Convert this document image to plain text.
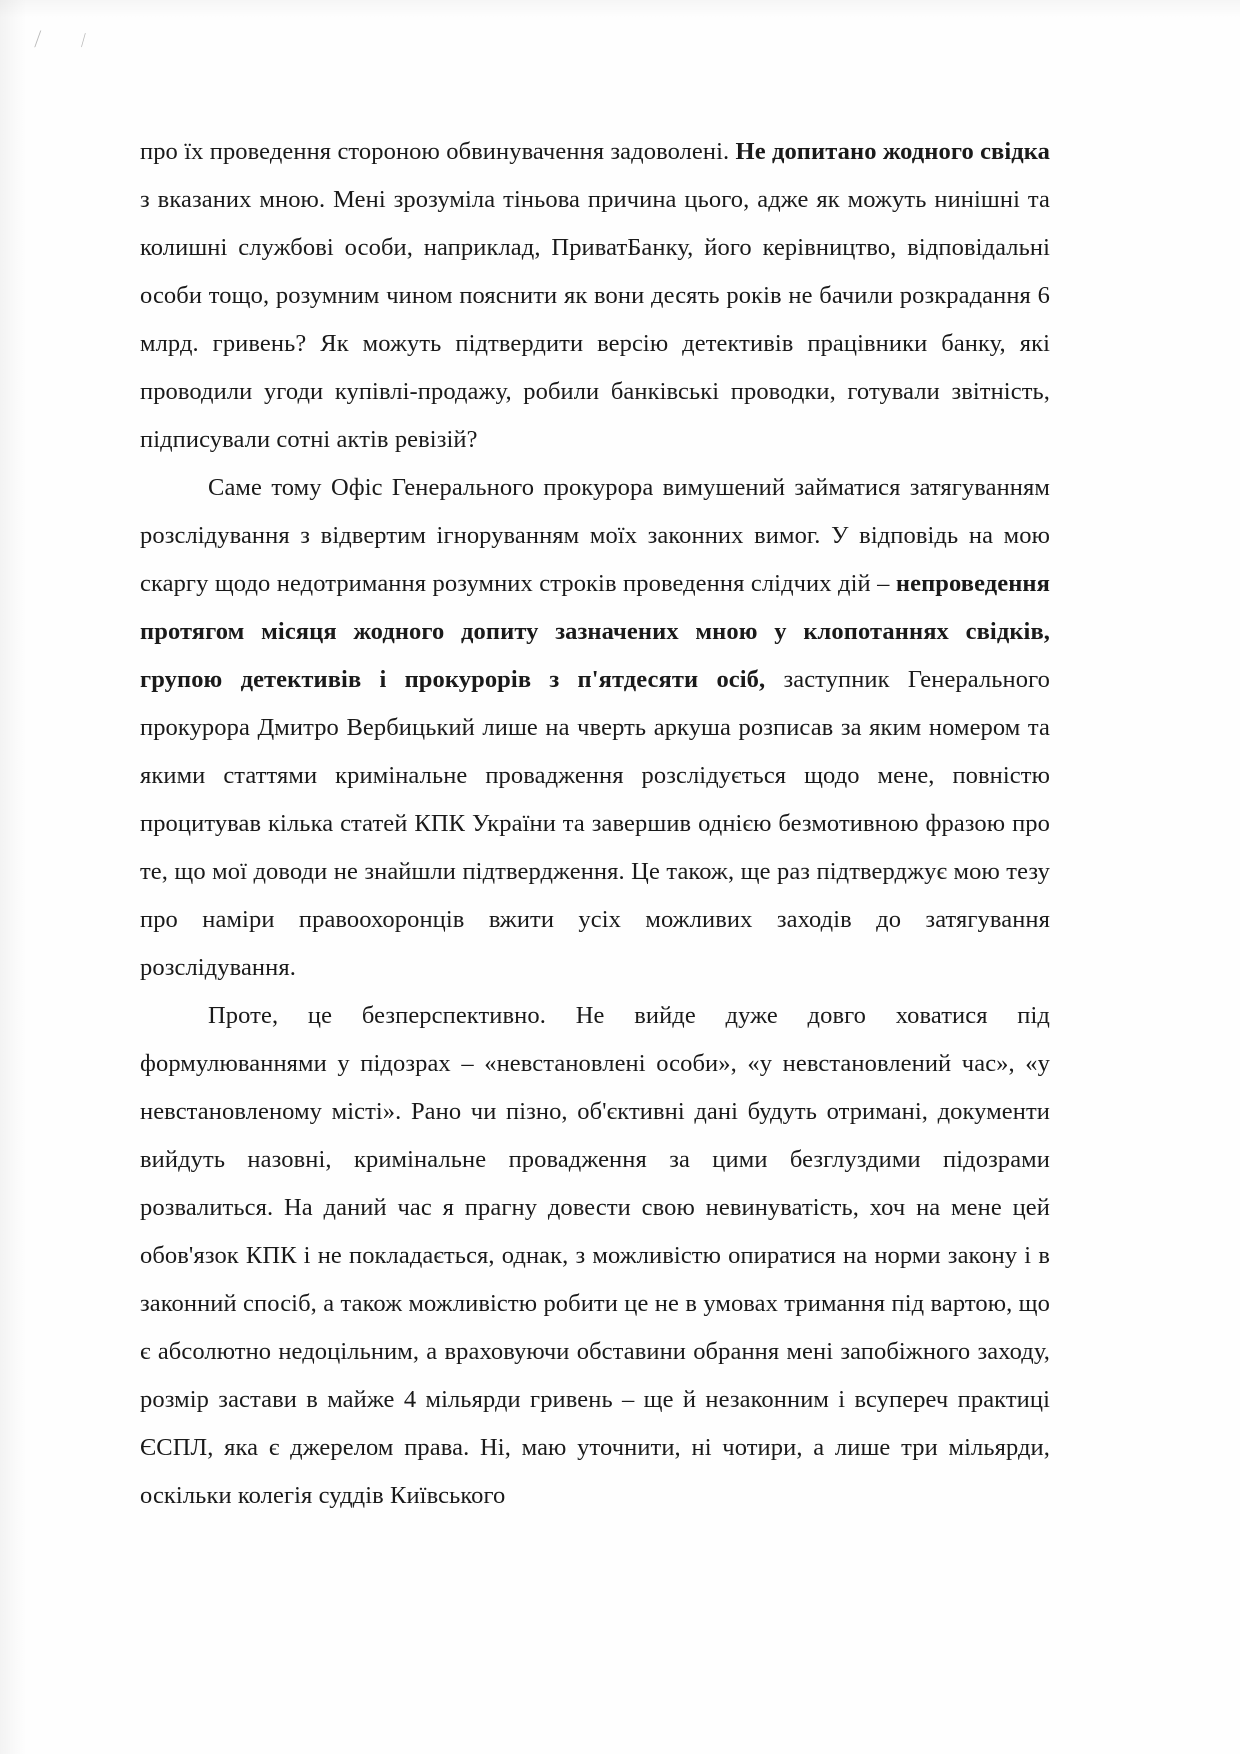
⁄ ⁄

про їх проведення стороною обвинувачення задоволені. Не допитано жодного свідка з вказаних мною. Мені зрозуміла тіньова причина цього, адже як можуть нинішні та колишні службові особи, наприклад, ПриватБанку, його керівництво, відповідальні особи тощо, розумним чином пояснити як вони десять років не бачили розкрадання 6 млрд. гривень? Як можуть підтвердити версію детективів працівники банку, які проводили угоди купівлі-продажу, робили банківські проводки, готували звітність, підписували сотні актів ревізій?

Саме тому Офіс Генерального прокурора вимушений займатися затягуванням розслідування з відвертим ігноруванням моїх законних вимог. У відповідь на мою скаргу щодо недотримання розумних строків проведення слідчих дій – непроведення протягом місяця жодного допиту зазначених мною у клопотаннях свідків, групою детективів і прокурорів з п'ятдесяти осіб, заступник Генерального прокурора Дмитро Вербицький лише на чверть аркуша розписав за яким номером та якими статтями кримінальне провадження розслідується щодо мене, повністю процитував кілька статей КПК України та завершив однією безмотивною фразою про те, що мої доводи не знайшли підтвердження. Це також, ще раз підтверджує мою тезу про наміри правоохоронців вжити усіх можливих заходів до затягування розслідування.

Проте, це безперспективно. Не вийде дуже довго ховатися під формулюваннями у підозрах – «невстановлені особи», «у невстановлений час», «у невстановленому місті». Рано чи пізно, об'єктивні дані будуть отримані, документи вийдуть назовні, кримінальне провадження за цими безглуздими підозрами розвалиться. На даний час я прагну довести свою невинуватість, хоч на мене цей обов'язок КПК і не покладається, однак, з можливістю опиратися на норми закону і в законний спосіб, а також можливістю робити це не в умовах тримання під вартою, що є абсолютно недоцільним, а враховуючи обставини обрання мені запобіжного заходу, розмір застави в майже 4 мільярди гривень – ще й незаконним і всупереч практиці ЄСПЛ, яка є джерелом права. Ні, маю уточнити, ні чотири, а лише три мільярди, оскільки колегія суддів Київського
